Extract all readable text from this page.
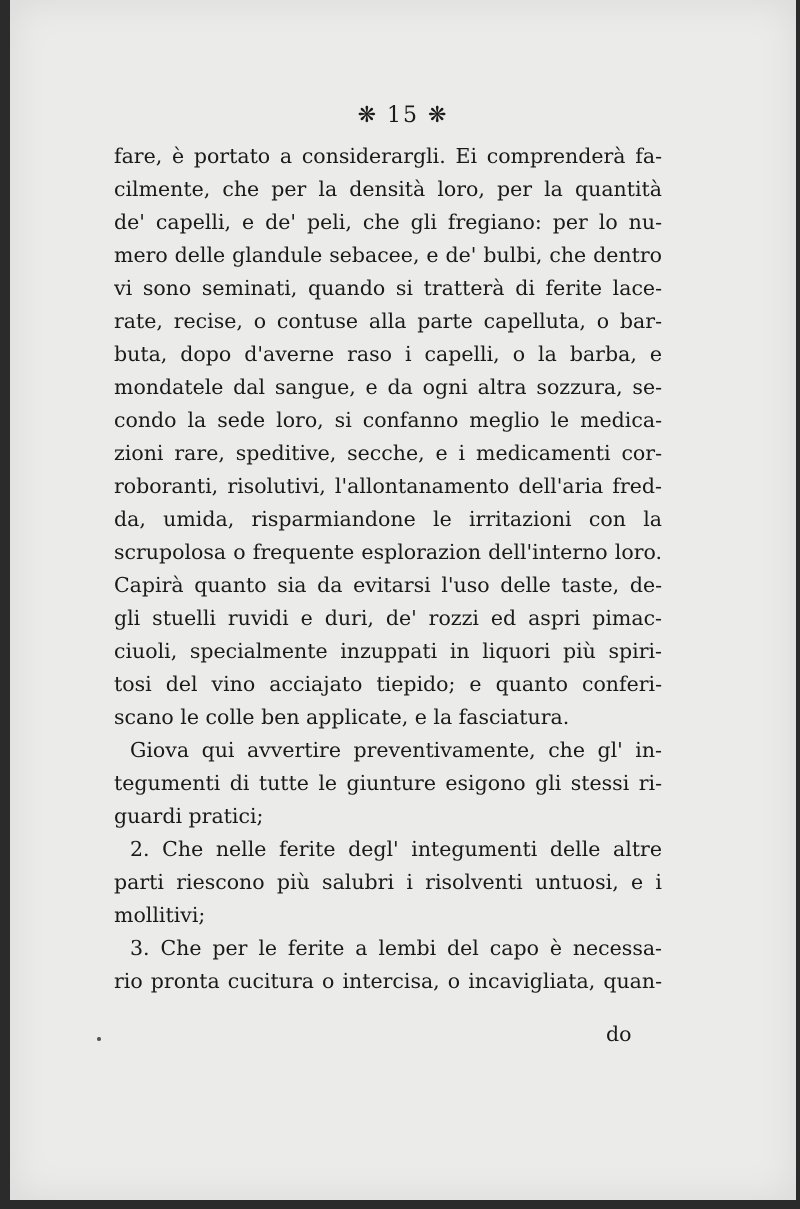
❋ 15 ❋
fare, è portato a considerargli. Ei comprenderà fa-
cilmente, che per la densità loro, per la quantità
de' capelli, e de' peli, che gli fregiano: per lo nu-
mero delle glandule sebacee, e de' bulbi, che dentro
vi sono seminati, quando si tratterà di ferite lace-
rate, recise, o contuse alla parte capelluta, o bar-
buta, dopo d'averne raso i capelli, o la barba, e
mondatele dal sangue, e da ogni altra sozzura, se-
condo la sede loro, si confanno meglio le medica-
zioni rare, speditive, secche, e i medicamenti cor-
roboranti, risolutivi, l'allontanamento dell'aria fred-
da, umida, risparmiandone le irritazioni con la
scrupolosa o frequente esplorazion dell'interno loro.
Capirà quanto sia da evitarsi l'uso delle taste, de-
gli stuelli ruvidi e duri, de' rozzi ed aspri pimac-
ciuoli, specialmente inzuppati in liquori più spiri-
tosi del vino acciajato tiepido; e quanto conferi-
scano le colle ben applicate, e la fasciatura.
Giova qui avvertire preventivamente, che gl' in-
tegumenti di tutte le giunture esigono gli stessi ri-
guardi pratici;
2. Che nelle ferite degl' integumenti delle altre
parti riescono più salubri i risolventi untuosi, e i
mollitivi;
3. Che per le ferite a lembi del capo è necessa-
rio pronta cucitura o intercisa, o incavigliata, quan-
do
